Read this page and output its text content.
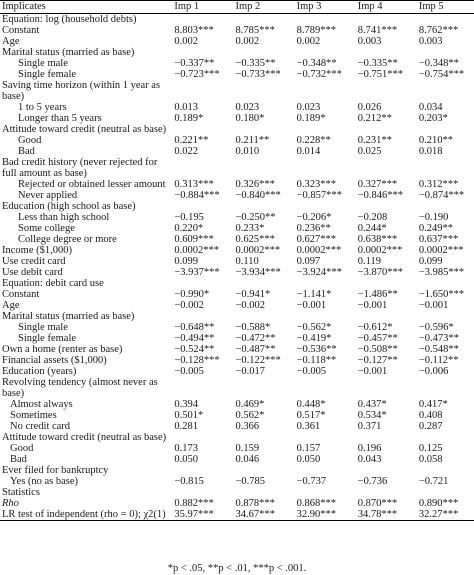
Implicates	Imp 1	Imp 2	Imp 3	Imp 4	Imp 5
Equation: log (household debts)					
Constant	8.803***	8.785***	8.789***	8.741***	8.762***
Age	0.002	0.002	0.002	0.003	0.003
Marital status (married as base)					
Single male	−0.337**	−0.335**	−0.348**	−0.335**	−0.348**
Single female	−0.723***	−0.733***	−0.732***	−0.751***	−0.754***
Saving time horizon (within 1 year as base)					
1 to 5 years	0.013	0.023	0.023	0.026	0.034
Longer than 5 years	0.189*	0.180*	0.189*	0.212**	0.203*
Attitude toward credit (neutral as base)					
Good	0.221**	0.211**	0.228**	0.231**	0.210**
Bad	0.022	0.010	0.014	0.025	0.018
Bad credit history (never rejected for full amount as base)					
Rejected or obtained lesser amount	0.313***	0.326***	0.323***	0.327***	0.312***
Never applied	−0.884***	−0.840***	−0.857***	−0.846***	−0.874***
Education (high school as base)					
Less than high school	−0.195	−0.250**	−0.206*	−0.208	−0.190
Some college	0.220*	0.233*	0.236**	0.244*	0.249**
College degree or more	0.609***	0.625***	0.627***	0.638***	0.637***
Income ($1,000)	0.0002***	0.0002***	0.0002***	0.0002***	0.0002***
Use credit card	0.099	0.110	0.097	0.119	0.099
Use debit card	−3.937***	−3.934***	−3.924***	−3.870***	−3.985***
Equation: debit card use					
Constant	−0.990*	−0.941*	−1.141*	−1.486**	−1.650***
Age	−0.002	−0.002	−0.001	−0.001	−0.001
Marital status (married as base)					
Single male	−0.648**	−0.588*	−0.562*	−0.612*	−0.596*
Single female	−0.494**	−0.472**	−0.419*	−0.457**	−0.473**
Own a home (renter as base)	−0.524**	−0.487**	−0.536**	−0.508**	−0.548**
Financial assets ($1,000)	−0.128***	−0.122***	−0.118**	−0.127**	−0.112**
Education (years)	−0.005	−0.017	−0.005	−0.001	−0.006
Revolving tendency (almost never as base)					
Almost always	0.394	0.469*	0.448*	0.437*	0.417*
Sometimes	0.501*	0.562*	0.517*	0.534*	0.408
No credit card	0.281	0.366	0.361	0.371	0.287
Attitude toward credit (neutral as base)					
Good	0.173	0.159	0.157	0.196	0.125
Bad	0.050	0.046	0.050	0.043	0.058
Ever filed for bankruptcy					
Yes (no as base)	−0.815	−0.785	−0.737	−0.736	−0.721
Statistics					
Rho	0.882***	0.878***	0.868***	0.870***	0.890***
LR test of independent (rho = 0); χ2(1)	35.97***	34.67***	32.90***	34.78***	32.27***
*p < .05, **p < .01, ***p < .001.
